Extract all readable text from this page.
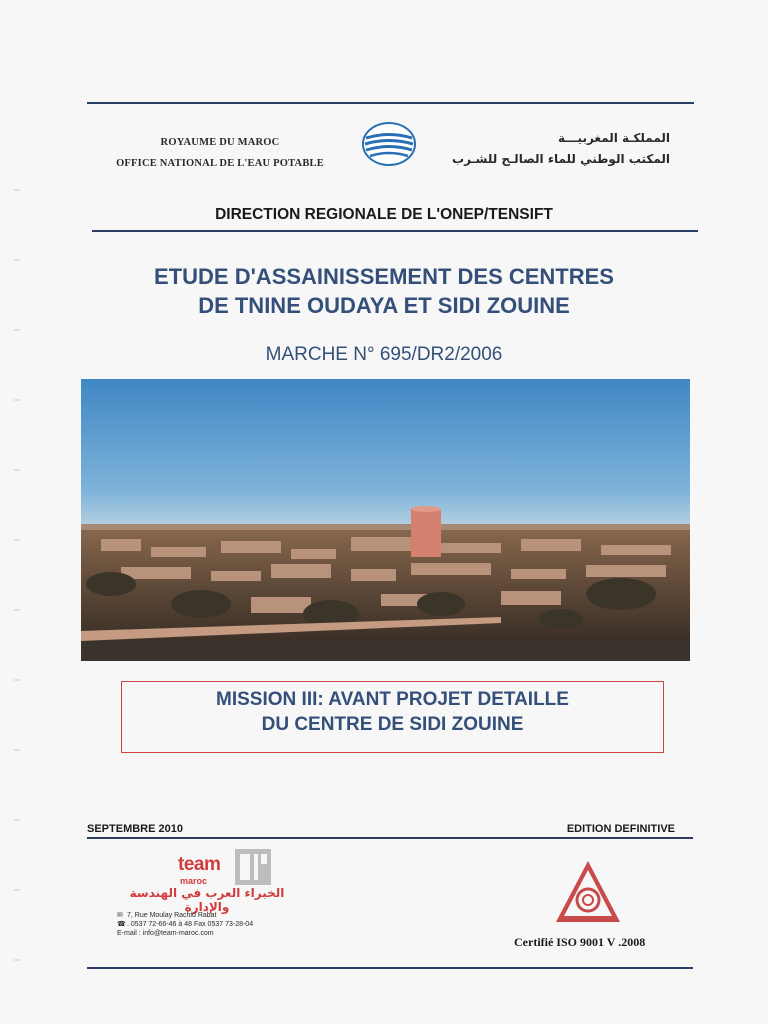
ROYAUME DU MAROC
OFFICE NATIONAL DE L'EAU POTABLE
المملكـة المغربيـــة
المكتب الوطني للماء الصالـح للشـرب
DIRECTION REGIONALE DE L'ONEP/TENSIFT
ETUDE D'ASSAINISSEMENT DES CENTRES
DE TNINE OUDAYA ET SIDI ZOUINE
MARCHE N° 695/DR2/2006
MISSION III: AVANT PROJET DETAILLE
DU CENTRE DE SIDI ZOUINE
SEPTEMBRE 2010	EDITION DEFINITIVE
team
maroc
الخبراء العرب في الهندسة والإدارة
✉ 7, Rue Moulay Rachid Rabat
☎. 0537 72-66-46 à 48 Fax 0537 73-28-04
E-mail : info@team-maroc.com
Certifié ISO 9001 V .2008
